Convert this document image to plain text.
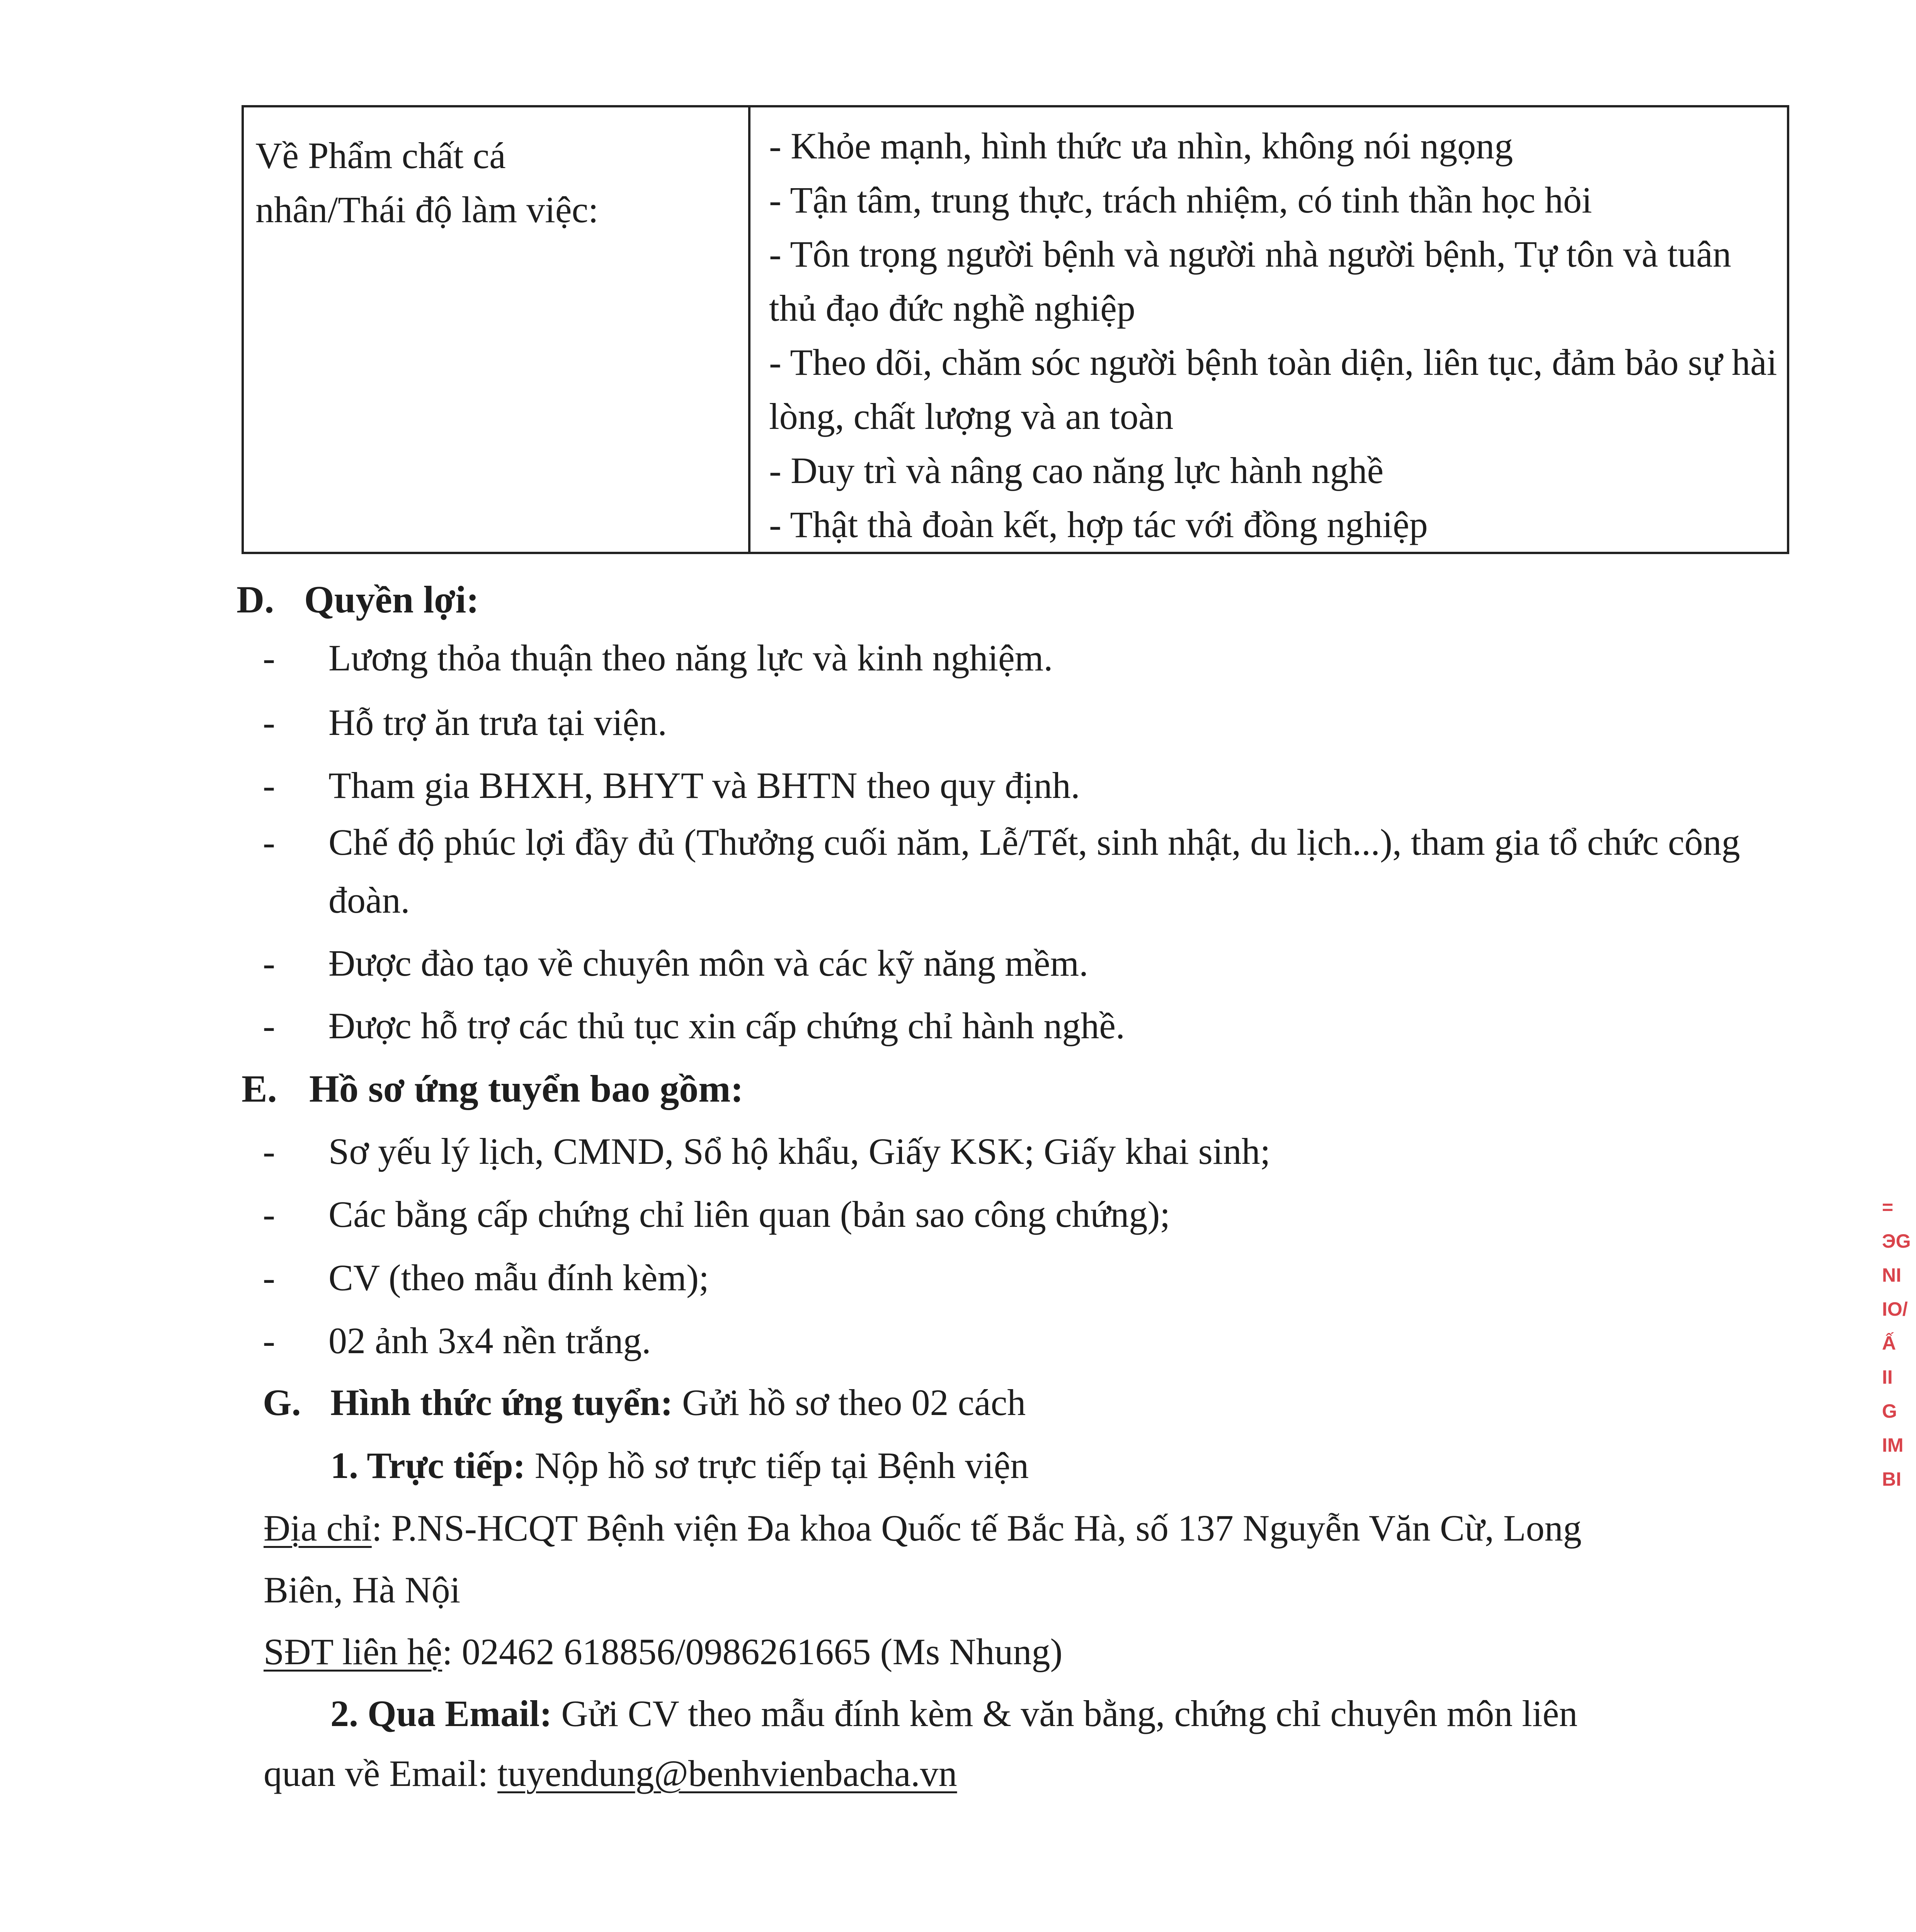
Về Phẩm chất cá nhân/Thái độ làm việc:

- Khỏe mạnh, hình thức ưa nhìn, không nói ngọng
- Tận tâm, trung thực, trách nhiệm, có tinh thần học hỏi
- Tôn trọng người bệnh và người nhà người bệnh, Tự tôn và tuân thủ đạo đức nghề nghiệp
- Theo dõi, chăm sóc người bệnh toàn diện, liên tục, đảm bảo sự hài lòng, chất lượng và an toàn
- Duy trì và nâng cao năng lực hành nghề
- Thật thà đoàn kết, hợp tác với đồng nghiệp
D. Quyền lợi:
-	Lương thỏa thuận theo năng lực và kinh nghiệm.
-	Hỗ trợ ăn trưa tại viện.
-	Tham gia BHXH, BHYT và BHTN theo quy định.
-	Chế độ phúc lợi đầy đủ (Thưởng cuối năm, Lễ/Tết, sinh nhật, du lịch...), tham gia tổ chức công đoàn.
-	Được đào tạo về chuyên môn và các kỹ năng mềm.
-	Được hỗ trợ các thủ tục xin cấp chứng chỉ hành nghề.
E. Hồ sơ ứng tuyển bao gồm:
-	Sơ yếu lý lịch, CMND, Sổ hộ khẩu, Giấy KSK; Giấy khai sinh;
-	Các bằng cấp chứng chỉ liên quan (bản sao công chứng);
-	CV (theo mẫu đính kèm);
-	02 ảnh 3x4 nền trắng.
G. Hình thức ứng tuyển: Gửi hồ sơ theo 02 cách
1. Trực tiếp: Nộp hồ sơ trực tiếp tại Bệnh viện
Địa chỉ: P.NS-HCQT Bệnh viện Đa khoa Quốc tế Bắc Hà, số 137 Nguyễn Văn Cừ, Long
Biên, Hà Nội
SĐT liên hệ: 02462 618856/0986261665 (Ms Nhung)
2. Qua Email: Gửi CV theo mẫu đính kèm & văn bằng, chứng chỉ chuyên môn liên
quan về Email: tuyendung@benhvienbacha.vn
=
ЭG
NI
IO/
Ấ
II
G
IM
BI
